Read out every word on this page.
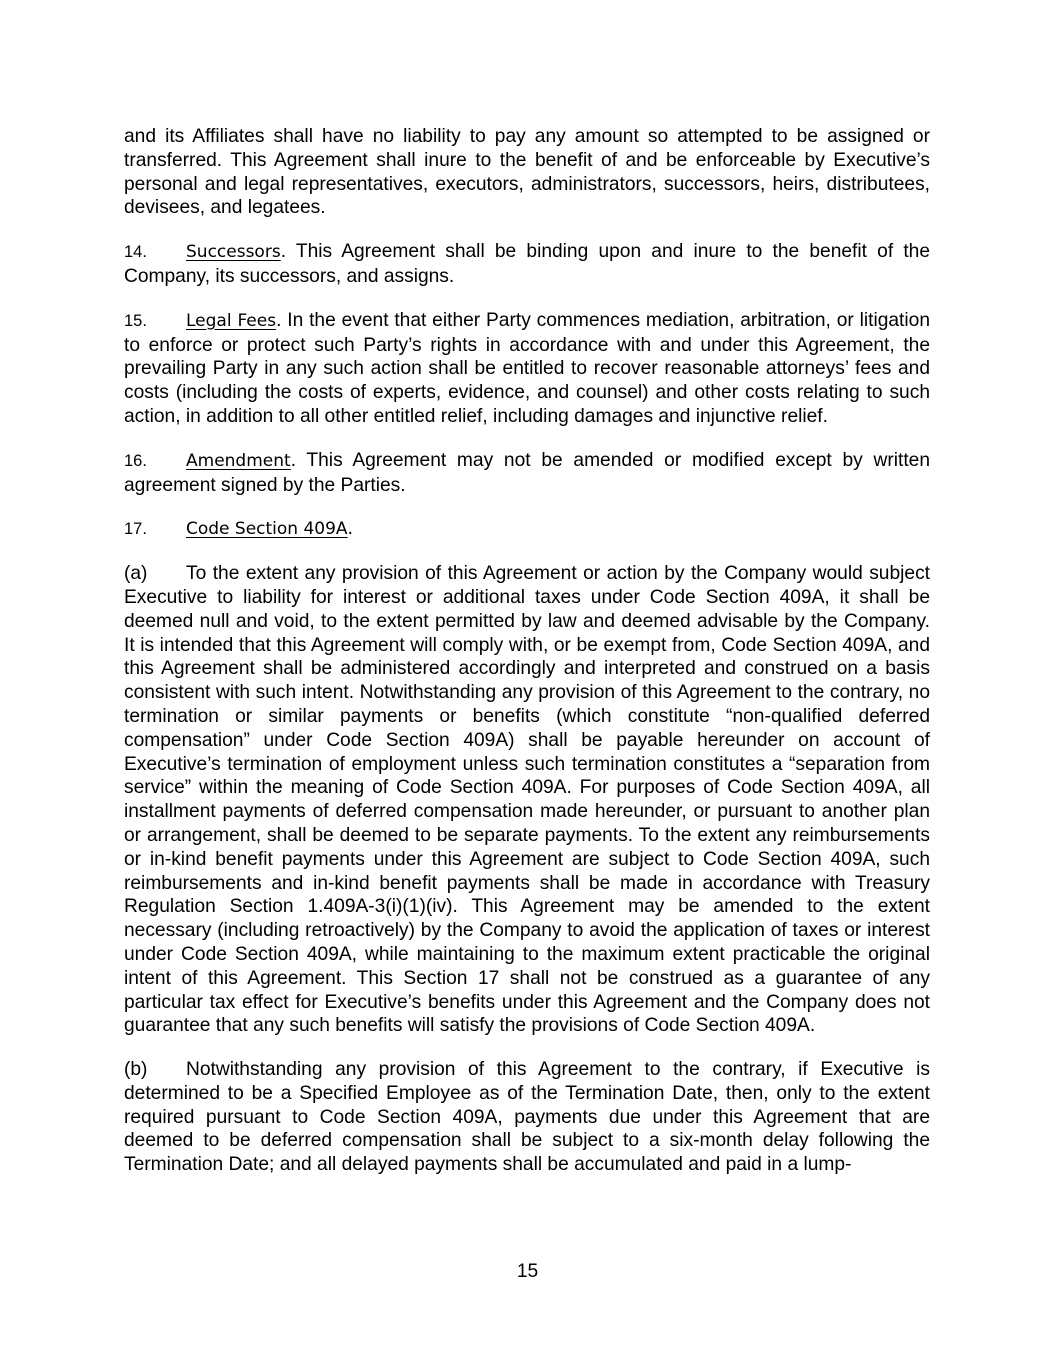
and its Affiliates shall have no liability to pay any amount so attempted to be assigned or transferred. This Agreement shall inure to the benefit of and be enforceable by Executive’s personal and legal representatives, executors, administrators, successors, heirs, distributees, devisees, and legatees.

14. Successors. This Agreement shall be binding upon and inure to the benefit of the Company, its successors, and assigns.

15. Legal Fees. In the event that either Party commences mediation, arbitration, or litigation to enforce or protect such Party’s rights in accordance with and under this Agreement, the prevailing Party in any such action shall be entitled to recover reasonable attorneys’ fees and costs (including the costs of experts, evidence, and counsel) and other costs relating to such action, in addition to all other entitled relief, including damages and injunctive relief.

16. Amendment. This Agreement may not be amended or modified except by written agreement signed by the Parties.

17. Code Section 409A.

(a) To the extent any provision of this Agreement or action by the Company would subject Executive to liability for interest or additional taxes under Code Section 409A, it shall be deemed null and void, to the extent permitted by law and deemed advisable by the Company. It is intended that this Agreement will comply with, or be exempt from, Code Section 409A, and this Agreement shall be administered accordingly and interpreted and construed on a basis consistent with such intent. Notwithstanding any provision of this Agreement to the contrary, no termination or similar payments or benefits (which constitute “non-qualified deferred compensation” under Code Section 409A) shall be payable hereunder on account of Executive’s termination of employment unless such termination constitutes a “separation from service” within the meaning of Code Section 409A. For purposes of Code Section 409A, all installment payments of deferred compensation made hereunder, or pursuant to another plan or arrangement, shall be deemed to be separate payments. To the extent any reimbursements or in-kind benefit payments under this Agreement are subject to Code Section 409A, such reimbursements and in-kind benefit payments shall be made in accordance with Treasury Regulation Section 1.409A-3(i)(1)(iv). This Agreement may be amended to the extent necessary (including retroactively) by the Company to avoid the application of taxes or interest under Code Section 409A, while maintaining to the maximum extent practicable the original intent of this Agreement. This Section 17 shall not be construed as a guarantee of any particular tax effect for Executive’s benefits under this Agreement and the Company does not guarantee that any such benefits will satisfy the provisions of Code Section 409A.

(b) Notwithstanding any provision of this Agreement to the contrary, if Executive is determined to be a Specified Employee as of the Termination Date, then, only to the extent required pursuant to Code Section 409A, payments due under this Agreement that are deemed to be deferred compensation shall be subject to a six-month delay following the Termination Date; and all delayed payments shall be accumulated and paid in a lump-

15
